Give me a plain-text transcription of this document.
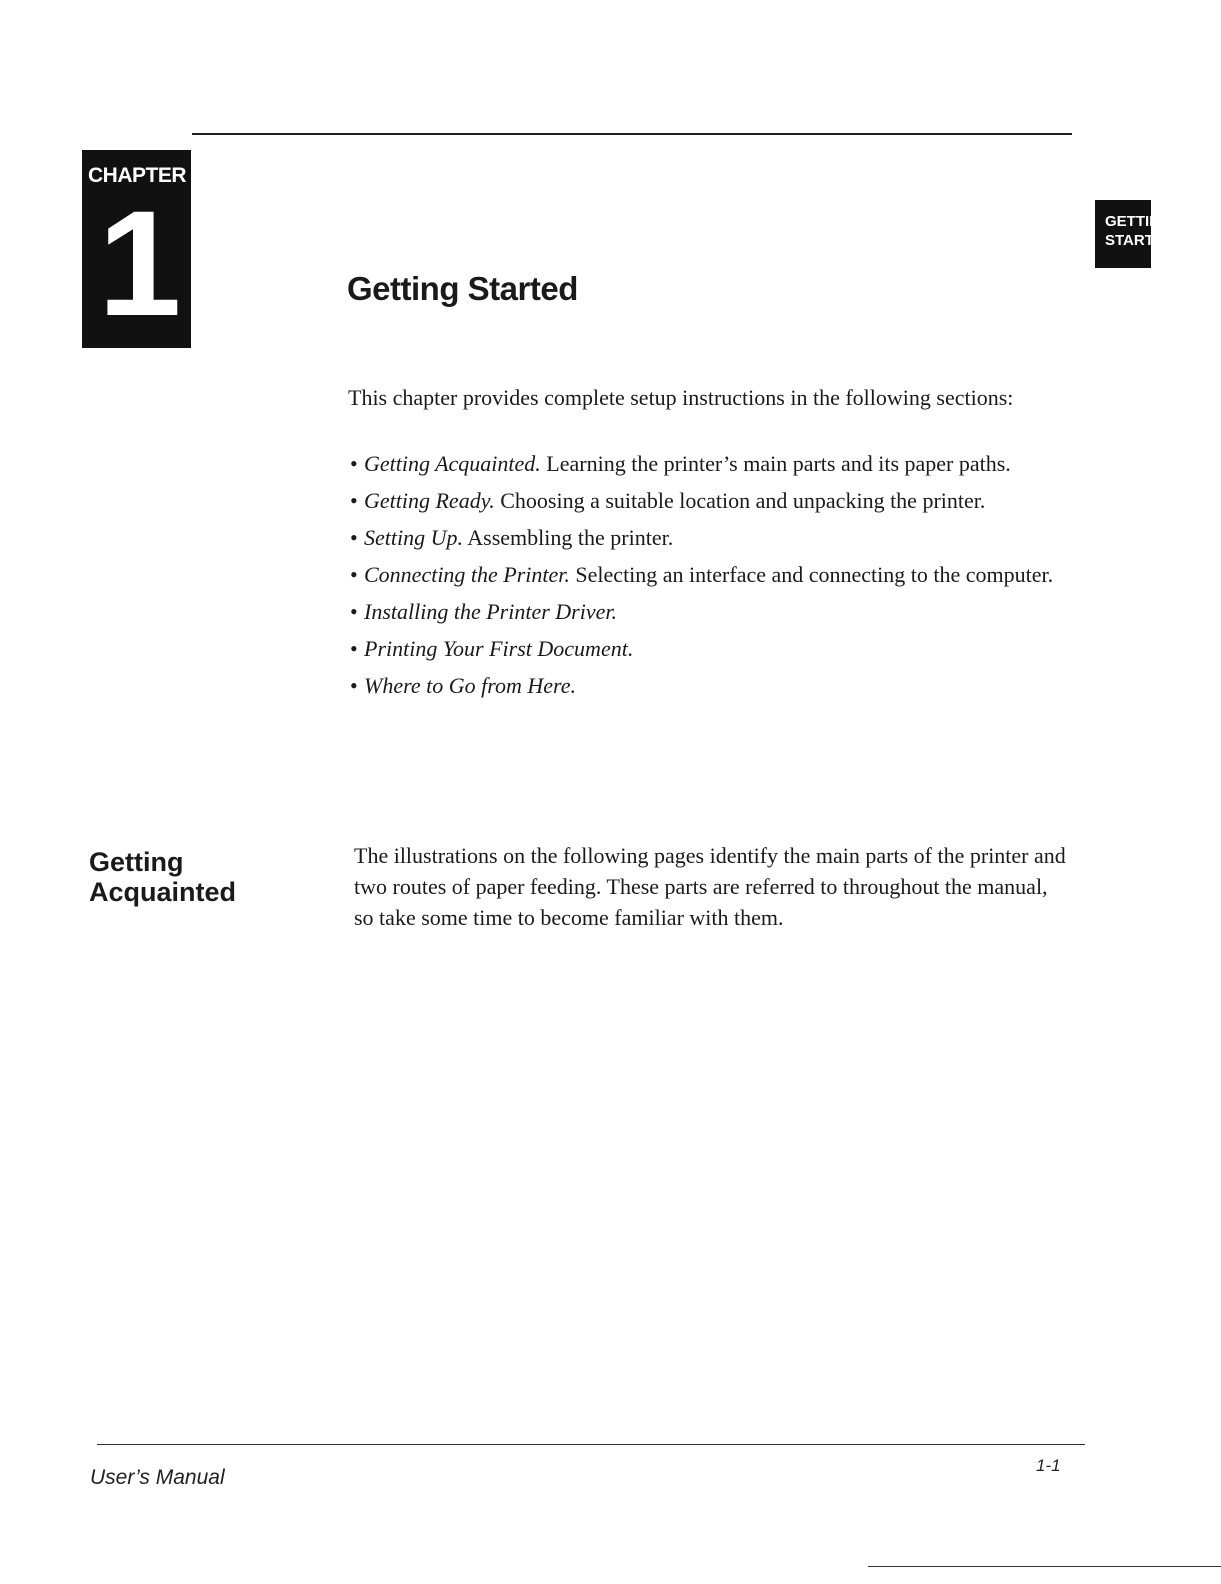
CHAPTER
1	GETTING
STARTED
Getting Started

This chapter provides complete setup instructions in the following sections:

• Getting Acquainted. Learning the printer’s main parts and its paper paths.
• Getting Ready. Choosing a suitable location and unpacking the printer.
• Setting Up. Assembling the printer.
• Connecting the Printer. Selecting an interface and connecting to the computer.
• Installing the Printer Driver.
• Printing Your First Document.
• Where to Go from Here.
Getting
Acquainted

The illustrations on the following pages identify the main parts of the printer and two routes of paper feeding. These parts are referred to throughout the manual, so take some time to become familiar with them.

User’s Manual
1-1
